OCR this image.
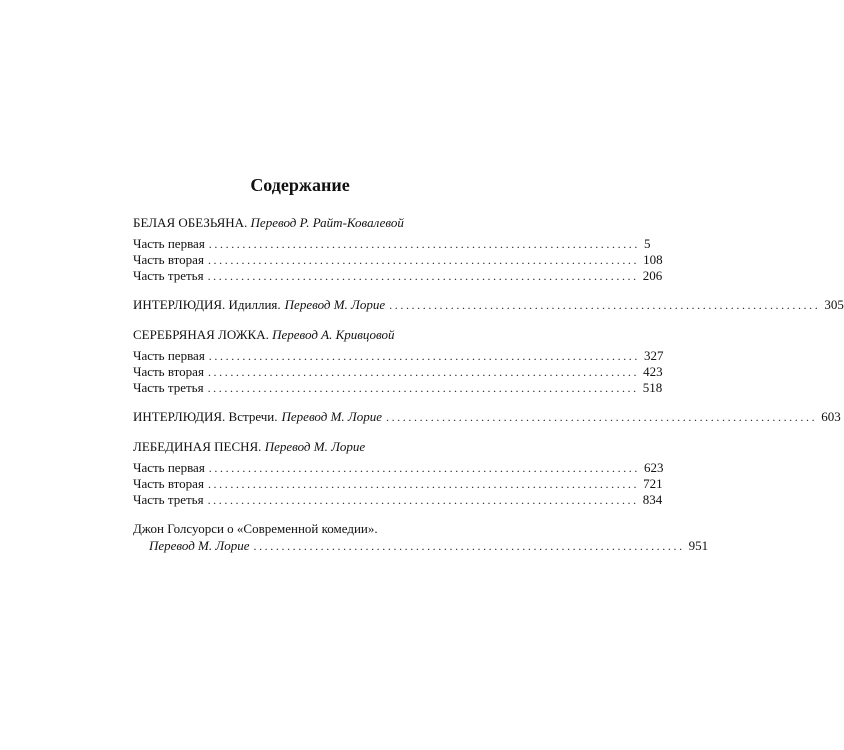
Содержание
БЕЛАЯ ОБЕЗЬЯНА. Перевод Р. Райт-Ковалевой
Часть первая ............................................................................. 5
Часть вторая ............................................................................. 108
Часть третья ............................................................................. 206
ИНТЕРЛЮДИЯ. Идиллия. Перевод М. Лорие ............................................................................. 305
СЕРЕБРЯНАЯ ЛОЖКА. Перевод А. Кривцовой
Часть первая ............................................................................. 327
Часть вторая ............................................................................. 423
Часть третья ............................................................................. 518
ИНТЕРЛЮДИЯ. Встречи. Перевод М. Лорие ............................................................................. 603
ЛЕБЕДИНАЯ ПЕСНЯ. Перевод М. Лорие
Часть первая ............................................................................. 623
Часть вторая ............................................................................. 721
Часть третья ............................................................................. 834
Джон Голсуорси о «Современной комедии».
Перевод М. Лорие ............................................................................. 951
